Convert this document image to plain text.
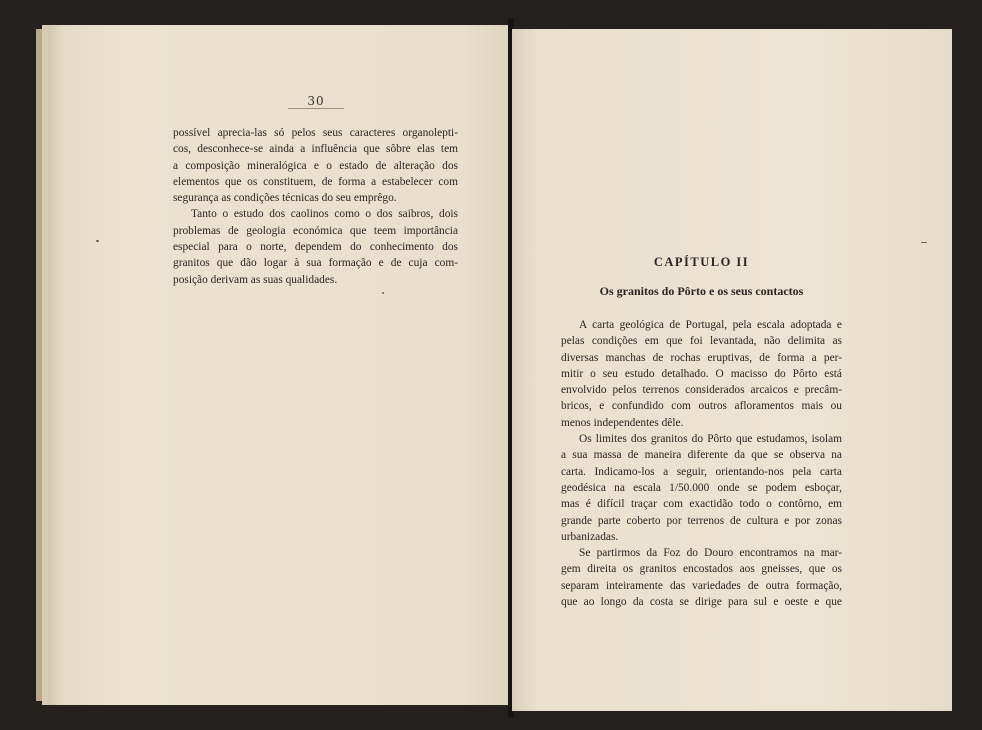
30
possível aprecia-las só pelos seus caracteres organolepti-
cos, desconhece-se ainda a influência que sôbre elas tem
a composição mineralógica e o estado de alteração dos
elementos que os constituem, de forma a estabelecer com
segurança as condições técnicas do seu emprêgo.
Tanto o estudo dos caolinos como o dos saibros, dois
problemas de geologia económica que teem importância
especial para o norte, dependem do conhecimento dos
granitos que dão logar à sua formação e de cuja com-
posição derivam as suas qualidades.
CAPÍTULO II
Os granitos do Pôrto e os seus contactos
A carta geológica de Portugal, pela escala adoptada e
pelas condições em que foi levantada, não delimita as
diversas manchas de rochas eruptivas, de forma a per-
mitir o seu estudo detalhado. O macisso do Pôrto está
envolvido pelos terrenos considerados arcaicos e precâm-
bricos, e confundido com outros afloramentos mais ou
menos independentes dêle.
Os limites dos granitos do Pôrto que estudamos, isolam
a sua massa de maneira diferente da que se observa na
carta. Indicamo-los a seguir, orientando-nos pela carta
geodésica na escala 1/50.000 onde se podem esboçar,
mas é difícil traçar com exactidão todo o contôrno, em
grande parte coberto por terrenos de cultura e por zonas
urbanizadas.
Se partirmos da Foz do Douro encontramos na mar-
gem direita os granitos encostados aos gneisses, que os
separam inteiramente das variedades de outra formação,
que ao longo da costa se dirige para sul e oeste e que
